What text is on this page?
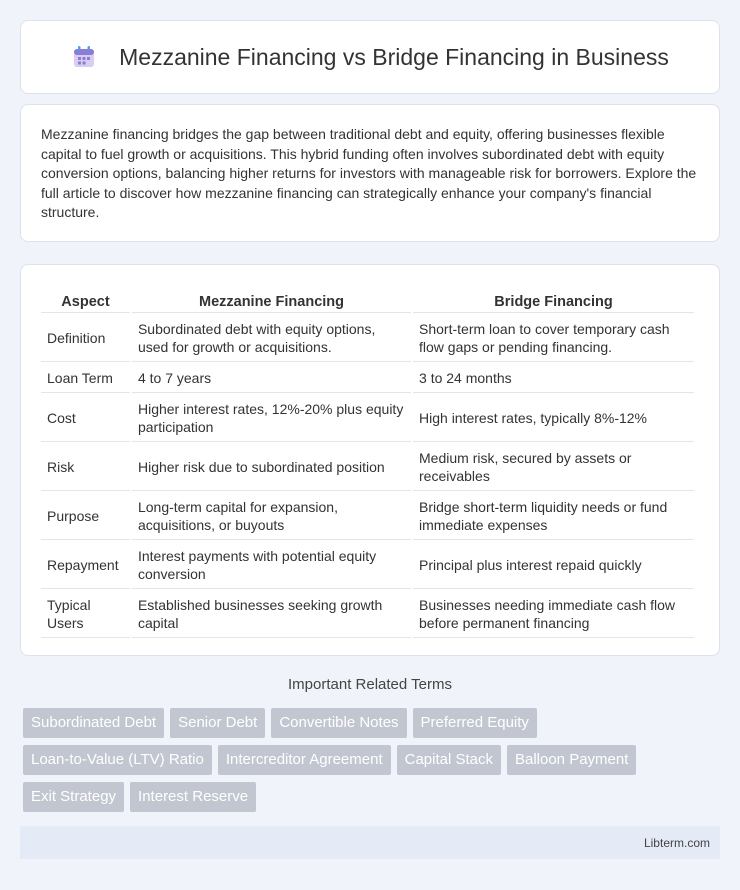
Mezzanine Financing vs Bridge Financing in Business

Mezzanine financing bridges the gap between traditional debt and equity, offering businesses flexible capital to fuel growth or acquisitions. This hybrid funding often involves subordinated debt with equity conversion options, balancing higher returns for investors with manageable risk for borrowers. Explore the full article to discover how mezzanine financing can strategically enhance your company's financial structure.

Aspect	Mezzanine Financing	Bridge Financing
Definition	Subordinated debt with equity options, used for growth or acquisitions.	Short-term loan to cover temporary cash flow gaps or pending financing.
Loan Term	4 to 7 years	3 to 24 months
Cost	Higher interest rates, 12%-20% plus equity participation	High interest rates, typically 8%-12%
Risk	Higher risk due to subordinated position	Medium risk, secured by assets or receivables
Purpose	Long-term capital for expansion, acquisitions, or buyouts	Bridge short-term liquidity needs or fund immediate expenses
Repayment	Interest payments with potential equity conversion	Principal plus interest repaid quickly
Typical Users	Established businesses seeking growth capital	Businesses needing immediate cash flow before permanent financing
Important Related Terms
Subordinated Debt	Senior Debt	Convertible Notes	Preferred Equity
Loan-to-Value (LTV) Ratio	Intercreditor Agreement	Capital Stack	Balloon Payment
Exit Strategy	Interest Reserve
Libterm.com
